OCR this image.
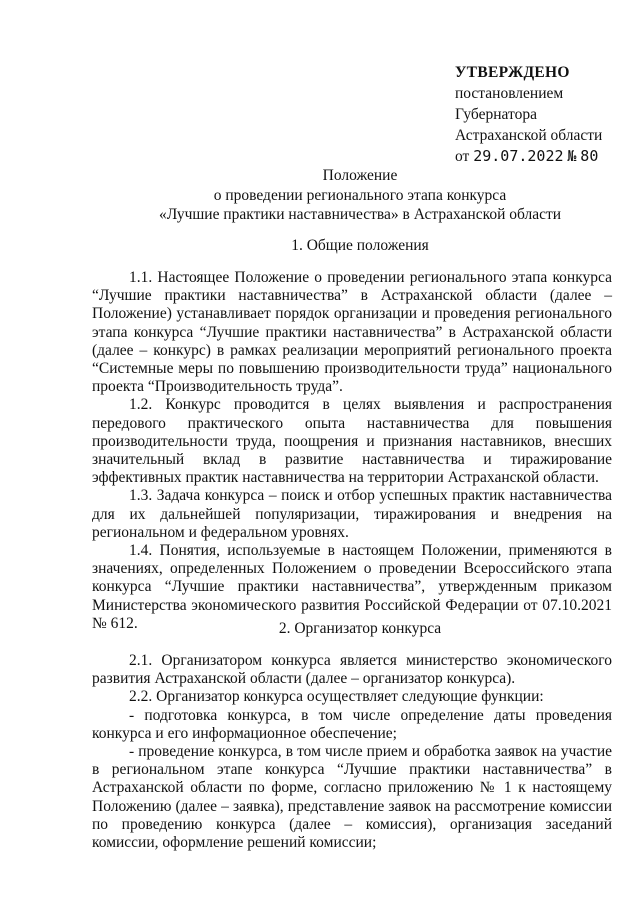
УТВЕРЖДЕНО
постановлением
Губернатора
Астраханской области
от 29.07.2022 № 80
Положение
о проведении регионального этапа конкурса
«Лучшие практики наставничества» в Астраханской области
1. Общие положения

1.1. Настоящее Положение о проведении регионального этапа конкурса “Лучшие практики наставничества” в Астраханской области (далее – Положение) устанавливает порядок организации и проведения регионального этапа конкурса “Лучшие практики наставничества” в Астраханской области (далее – конкурс) в рамках реализации мероприятий регионального проекта “Системные меры по повышению производительности труда” национального проекта “Производительность труда”.

1.2. Конкурс проводится в целях выявления и распространения передового практического опыта наставничества для повышения производительности труда, поощрения и признания наставников, внесших значительный вклад в развитие наставничества и тиражирование эффективных практик наставничества на территории Астраханской области.

1.3. Задача конкурса – поиск и отбор успешных практик наставничества для их дальнейшей популяризации, тиражирования и внедрения на региональном и федеральном уровнях.

1.4. Понятия, используемые в настоящем Положении, применяются в значениях, определенных Положением о проведении Всероссийского этапа конкурса “Лучшие практики наставничества”, утвержденным приказом Министерства экономического развития Российской Федерации от 07.10.2021 № 612.	2. Организатор конкурса

2.1. Организатором конкурса является министерство экономического развития Астраханской области (далее – организатор конкурса).

2.2. Организатор конкурса осуществляет следующие функции:

- подготовка конкурса, в том числе определение даты проведения конкурса и его информационное обеспечение;

- проведение конкурса, в том числе прием и обработка заявок на участие в региональном этапе конкурса “Лучшие практики наставничества” в Астраханской области по форме, согласно приложению № 1 к настоящему Положению (далее – заявка), представление заявок на рассмотрение комиссии по проведению конкурса (далее – комиссия), организация заседаний комиссии, оформление решений комиссии;
